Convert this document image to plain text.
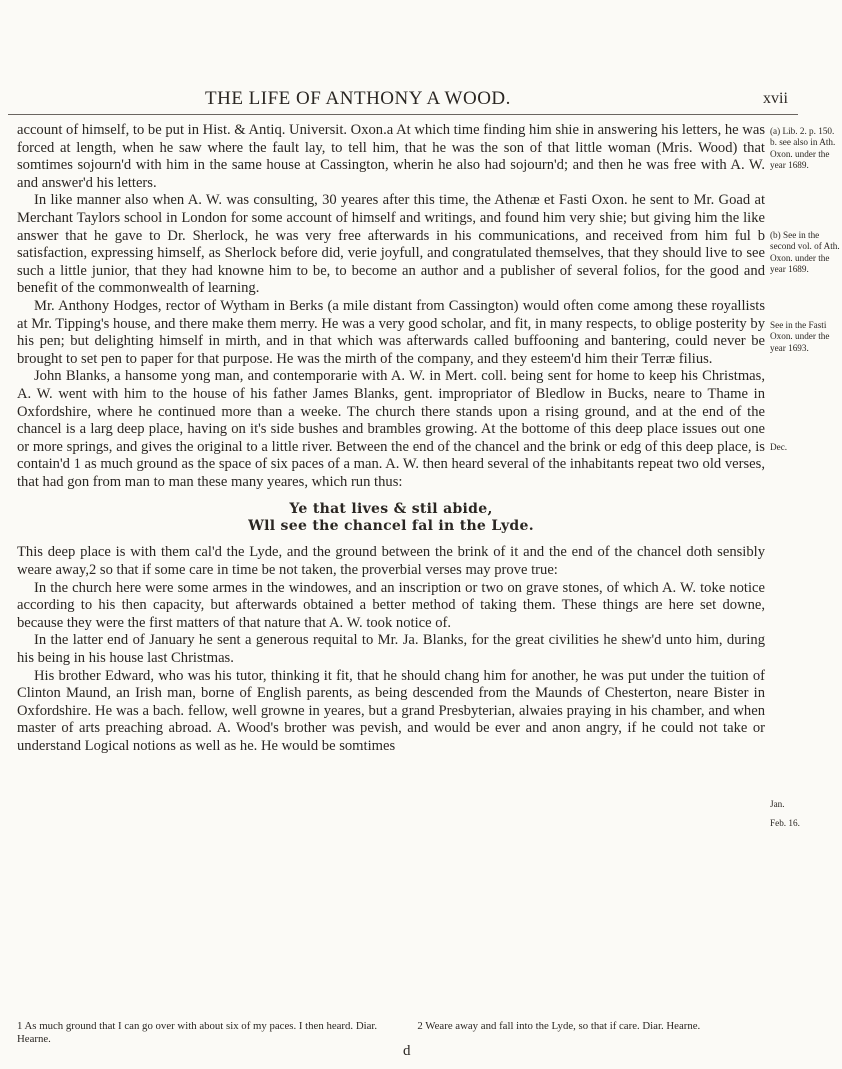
THE LIFE OF ANTHONY A WOOD.	xvii

account of himself, to be put in Hist. & Antiq. Universit. Oxon.a At which time finding him shie in answering his letters, he was forced at length, when he saw where the fault lay, to tell him, that he was the son of that little woman (Mris. Wood) that somtimes sojourn'd with him in the same house at Cassington, wherin he also had sojourn'd; and then he was free with A. W. and answer'd his letters.

In like manner also when A. W. was consulting, 30 yeares after this time, the Athenæ et Fasti Oxon. he sent to Mr. Goad at Merchant Taylors school in London for some account of himself and writings, and found him very shie; but giving him the like answer that he gave to Dr. Sherlock, he was very free afterwards in his communications, and received from him ful b satisfaction, expressing himself, as Sherlock before did, verie joyfull, and congratulated themselves, that they should live to see such a little junior, that they had knowne him to be, to become an author and a publisher of several folios, for the good and benefit of the commonwealth of learning.

Mr. Anthony Hodges, rector of Wytham in Berks (a mile distant from Cassington) would often come among these royallists at Mr. Tipping's house, and there make them merry. He was a very good scholar, and fit, in many respects, to oblige posterity by his pen; but delighting himself in mirth, and in that which was afterwards called buffooning and bantering, could never be brought to set pen to paper for that purpose. He was the mirth of the company, and they esteem'd him their Terræ filius.

John Blanks, a hansome yong man, and contemporarie with A. W. in Mert. coll. being sent for home to keep his Christmas, A. W. went with him to the house of his father James Blanks, gent. impropriator of Bledlow in Bucks, neare to Thame in Oxfordshire, where he continued more than a weeke. The church there stands upon a rising ground, and at the end of the chancel is a larg deep place, having on it's side bushes and brambles growing. At the bottome of this deep place issues out one or more springs, and gives the original to a little river. Between the end of the chancel and the brink or edg of this deep place, is contain'd 1 as much ground as the space of six paces of a man. A. W. then heard several of the inhabitants repeat two old verses, that had gon from man to man these many yeares, which run thus:

Ye that lives & stil abide,
Wll see the chancel fal in the Lyde.

This deep place is with them cal'd the Lyde, and the ground between the brink of it and the end of the chancel doth sensibly weare away,2 so that if some care in time be not taken, the proverbial verses may prove true:

In the church here were some armes in the windowes, and an inscription or two on grave stones, of which A. W. toke notice according to his then capacity, but afterwards obtained a better method of taking them. These things are here set downe, because they were the first matters of that nature that A. W. took notice of.

In the latter end of January he sent a generous requital to Mr. Ja. Blanks, for the great civilities he shew'd unto him, during his being in his house last Christmas.

His brother Edward, who was his tutor, thinking it fit, that he should chang him for another, he was put under the tuition of Clinton Maund, an Irish man, borne of English parents, as being descended from the Maunds of Chesterton, neare Bister in Oxfordshire. He was a bach. fellow, well growne in yeares, but a grand Presbyterian, alwaies praying in his chamber, and when master of arts preaching abroad. A. Wood's brother was pevish, and would be ever and anon angry, if he could not take or understand Logical notions as well as he. He would be somtimes

(a) Lib. 2. p. 150. b. see also in Ath. Oxon. under the year 1689.
(b) See in the second vol. of Ath. Oxon. under the year 1689.
See in the Fasti Oxon. under the year 1693.
Dec.
Jan.
Feb. 16.
1 As much ground that I can go over with about six of my paces. I then heard. Diar. Hearne.
2 Weare away and fall into the Lyde, so that if care. Diar. Hearne.
d
